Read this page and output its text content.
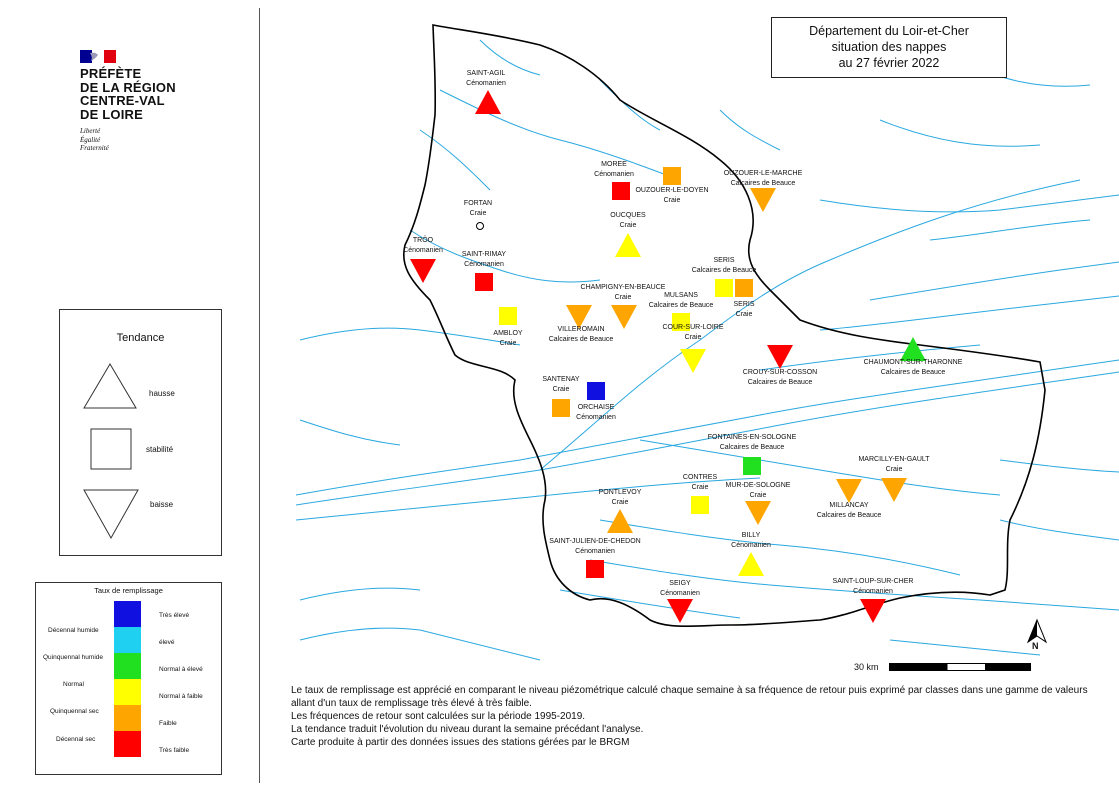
PRÉFÈTE
DE LA RÉGION
CENTRE-VAL
DE LOIRE
Liberté
Égalité
Fraternité
Tendance
hausse
stabilité
baisse
Taux de remplissage
Très élevé
élevé
Normal à élevé
Normal à faible
Faible
Très faible
Décennal humide
Quinquennal humide
Normal
Quinquennal sec
Décennal sec
SAINT-AGIL
Cénomanien
MOREE
Cénomanien
OUZOUER-LE-DOYEN
Craie
OUZOUER-LE-MARCHE
Calcaires de Beauce
FORTAN
Craie	OUCQUES
Craie
TRÔO
Cénomanien
SAINT-RIMAY
Cénomanien
SERIS
Calcaires de Beauce
SERIS
Craie
CHAMPIGNY-EN-BEAUCE
Craie	MULSANS
Calcaires de Beauce
VILLEROMAIN
Calcaires de Beauce
AMBLOY
Craie
COUR-SUR-LOIRE
Craie
CROUY-SUR-COSSON
Calcaires de Beauce
CHAUMONT-SUR-THARONNE
Calcaires de Beauce
SANTENAY
Craie
ORCHAISE
Cénomanien
FONTAINES-EN-SOLOGNE
Calcaires de Beauce
MARCILLY-EN-GAULT
Craie
CONTRES
Craie MUR-DE-SOLOGNE
Craie
MILLANCAY
Calcaires de Beauce
PONTLEVOY
Craie
BILLY
Cénomanien
SAINT-JULIEN-DE-CHEDON
Cénomanien
SEIGY
Cénomanien
SAINT-LOUP-SUR-CHER
Cénomanien
Département du Loir-et-Cher
situation des nappes
au 27 février 2022
30 km
N

Le taux de remplissage est apprécié en comparant le niveau piézométrique calculé chaque semaine à sa fréquence de retour puis exprimé par classes dans une gamme de valeurs allant d'un taux de remplissage très élevé à très faible.

Les fréquences de retour sont calculées sur la période 1995-2019.

La tendance traduit l'évolution du niveau durant la semaine précédant l'analyse.

Carte produite à partir des données issues des stations gérées par le BRGM
